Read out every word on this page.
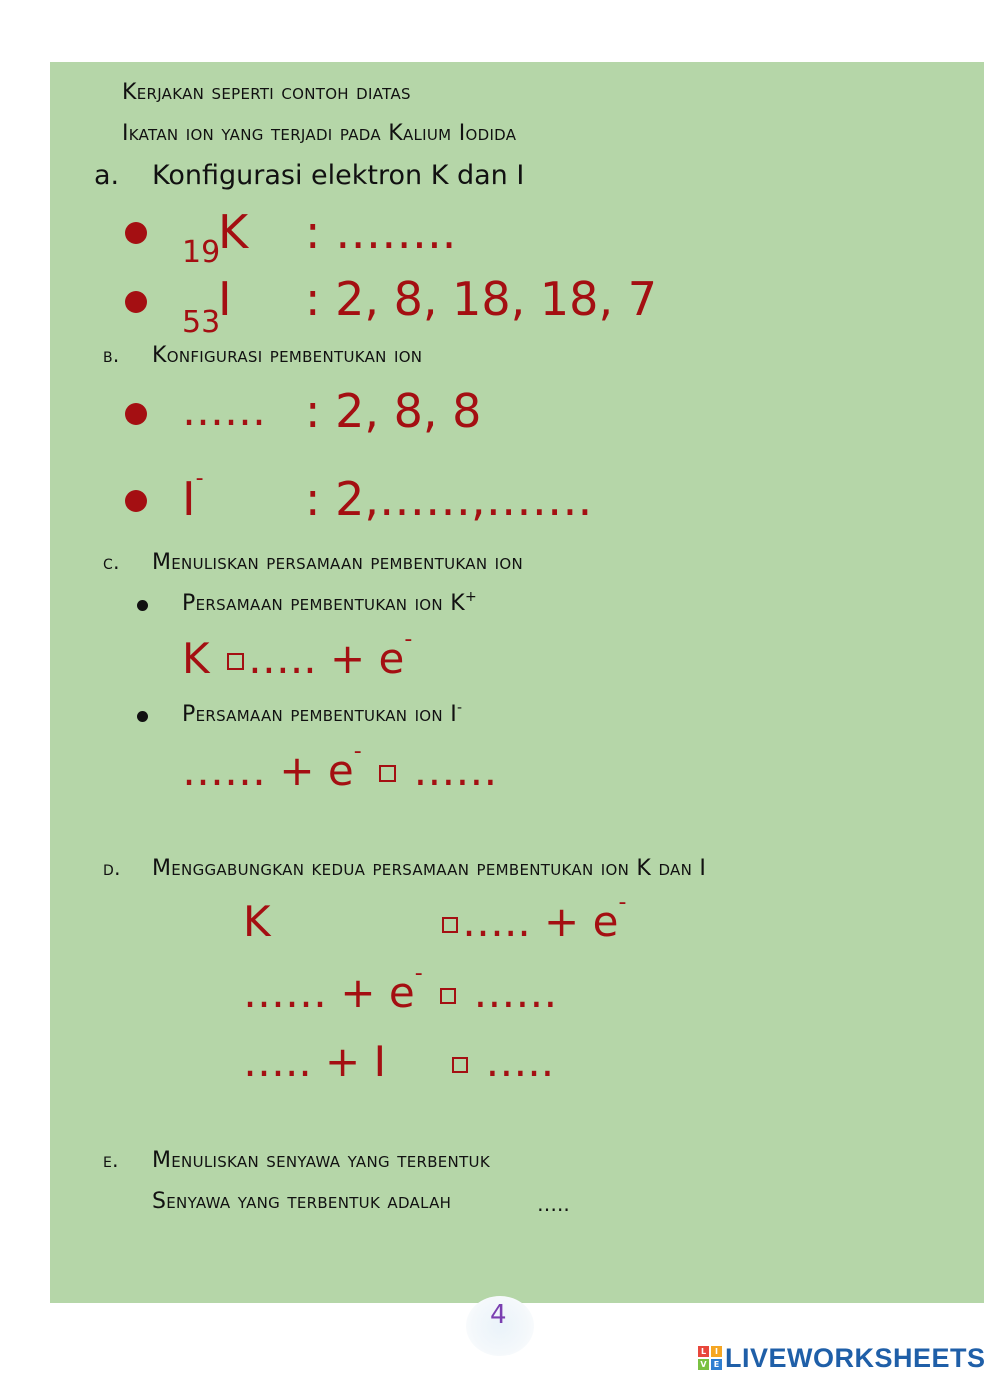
Kerjakan seperti contoh diatas
Ikatan ion yang terjadi pada Kalium Iodida
a. Konfigurasi elektron K dan I
19
K : ……..
53
I : 2, 8, 18, 18, 7
b. Konfigurasi pembentukan ion
…… : 2, 8, 8
I- : 2,……,…….
c. Menuliskan persamaan pembentukan ion
Persamaan pembentukan ion K+
K ….. + e-
Persamaan pembentukan ion I-
…… + e- ……
d. Menggabungkan kedua persamaan pembentukan ion K dan I
K	….. + e-
…… + e- ……
….. + I	…..
e. Menuliskan senyawa yang terbentuk
Senyawa yang terbentuk adalah	…..
4
L	I
V E LIVEWORKSHEETS
